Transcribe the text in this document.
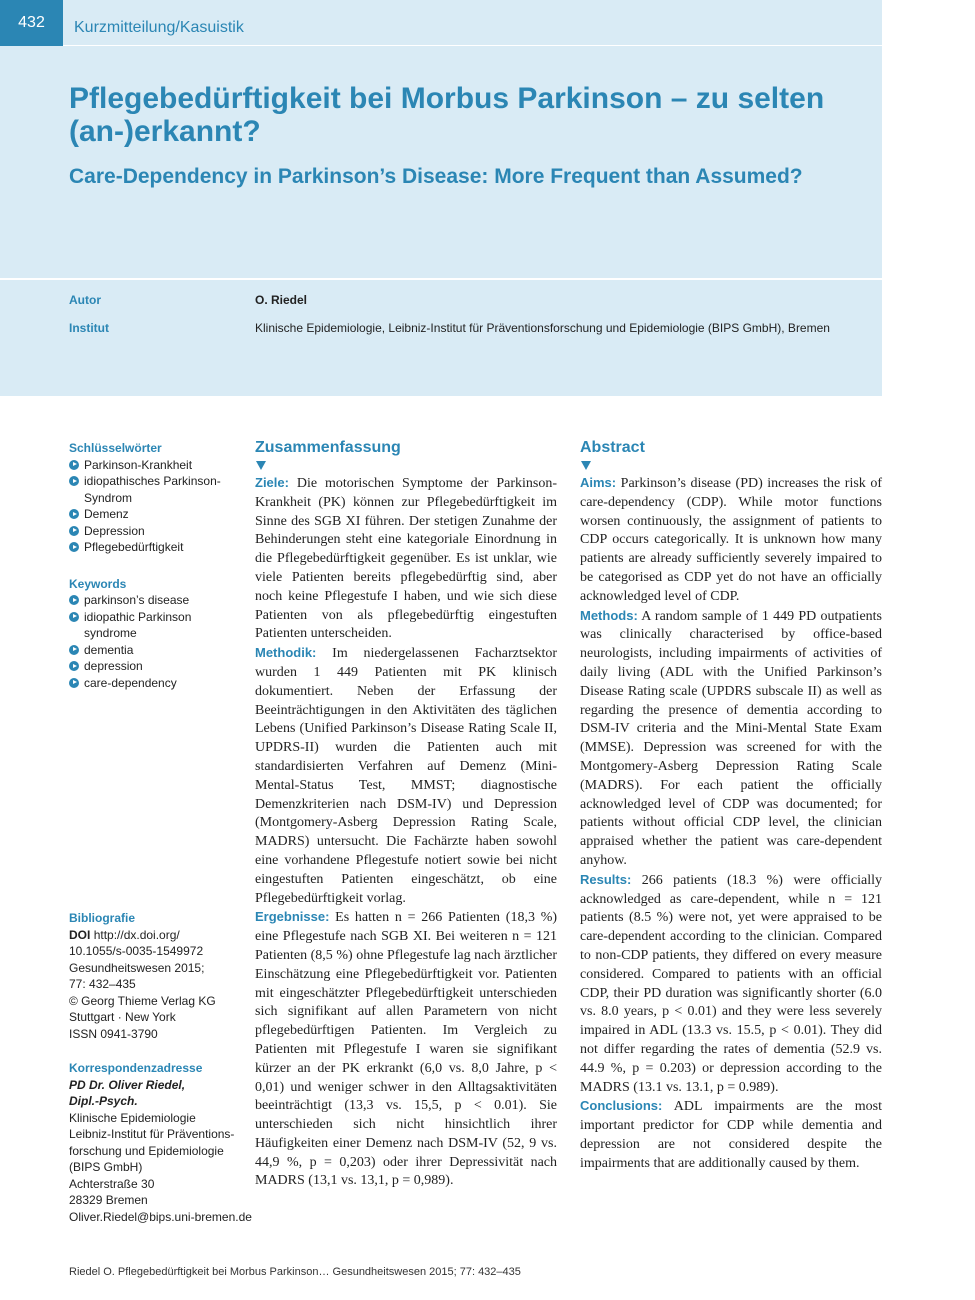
432	Kurzmitteilung/Kasuistik
Pflegebedürftigkeit bei Morbus Parkinson – zu selten (an-)erkannt?
Care-Dependency in Parkinson’s Disease: More Frequent than Assumed?
Autor	O. Riedel
Institut	Klinische Epidemiologie, Leibniz-Institut für Präventionsforschung und Epidemiologie (BIPS GmbH), Bremen
Schlüsselwörter
Parkinson-Krankheit
idiopathisches Parkinson-Syndrom
Demenz
Depression
Pflegebedürftigkeit
Keywords
parkinson’s disease
idiopathic Parkinson syndrome
dementia
depression
care-dependency
Bibliografie
DOI http://dx.doi.org/
10.1055/s-0035-1549972
Gesundheitswesen 2015;
77: 432–435
© Georg Thieme Verlag KG
Stuttgart · New York
ISSN 0941-3790
Korrespondenzadresse
PD Dr. Oliver Riedel,
Dipl.-Psych.
Klinische Epidemiologie
Leibniz-Institut für Präventions-
forschung und Epidemiologie
(BIPS GmbH)
Achterstraße 30
28329 Bremen
Oliver.Riedel@bips.uni-bremen.de
Zusammenfassung

Ziele: Die motorischen Symptome der Parkinson-Krankheit (PK) können zur Pflegebedürftigkeit im Sinne des SGB XI führen. Der stetigen Zunahme der Behinderungen steht eine kategoriale Einordnung in die Pflegebedürftigkeit gegenüber. Es ist unklar, wie viele Patienten bereits pflegebedürftig sind, aber noch keine Pflegestufe I haben, und wie sich diese Patienten von als pflegebedürftig eingestuften Patienten unterscheiden.

Methodik: Im niedergelassenen Facharztsektor wurden 1 449 Patienten mit PK klinisch dokumentiert. Neben der Erfassung der Beeinträchtigungen in den Aktivitäten des täglichen Lebens (Unified Parkinson’s Disease Rating Scale II, UPDRS-II) wurden die Patienten auch mit standardisierten Verfahren auf Demenz (Mini-Mental-Status Test, MMST; diagnostische Demenzkriterien nach DSM-IV) und Depression (Montgomery-Asberg Depression Rating Scale, MADRS) untersucht. Die Fachärzte haben sowohl eine vorhandene Pflegestufe notiert sowie bei nicht eingestuften Patienten eingeschätzt, ob eine Pflegebedürftigkeit vorlag.

Ergebnisse: Es hatten n = 266 Patienten (18,3 %) eine Pflegestufe nach SGB XI. Bei weiteren n = 121 Patienten (8,5 %) ohne Pflegestufe lag nach ärztlicher Einschätzung eine Pflegebedürftigkeit vor. Patienten mit eingeschätzter Pflegebedürftigkeit unterschieden sich signifikant auf allen Parametern von nicht pflegebedürftigen Patienten. Im Vergleich zu Patienten mit Pflegestufe I waren sie signifikant kürzer an der PK erkrankt (6,0 vs. 8,0 Jahre, p < 0,01) und weniger schwer in den Alltagsaktivitäten beeinträchtigt (13,3 vs. 15,5, p < 0.01). Sie unterschieden sich nicht hinsichtlich ihrer Häufigkeiten einer Demenz nach DSM-IV (52, 9 vs. 44,9 %, p = 0,203) oder ihrer Depressivität nach MADRS (13,1 vs. 13,1, p = 0,989).

Abstract

Aims: Parkinson’s disease (PD) increases the risk of care-dependency (CDP). While motor functions worsen continuously, the assignment of patients to CDP occurs categorically. It is unknown how many patients are already sufficiently severely impaired to be categorised as CDP yet do not have an officially acknowledged level of CDP.

Methods: A random sample of 1 449 PD outpatients was clinically characterised by office-based neurologists, including impairments of activities of daily living (ADL with the Unified Parkinson’s Disease Rating scale (UPDRS subscale II) as well as regarding the presence of dementia according to DSM-IV criteria and the Mini-Mental State Exam (MMSE). Depression was screened for with the Montgomery-Asberg Depression Rating Scale (MADRS). For each patient the officially acknowledged level of CDP was documented; for patients without official CDP level, the clinician appraised whether the patient was care-dependent anyhow.

Results: 266 patients (18.3 %) were officially acknowledged as care-dependent, while n = 121 patients (8.5 %) were not, yet were appraised to be care-dependent according to the clinician. Compared to non-CDP patients, they differed on every measure considered. Compared to patients with an official CDP, their PD duration was significantly shorter (6.0 vs. 8.0 years, p < 0.01) and they were less severely impaired in ADL (13.3 vs. 15.5, p < 0.01). They did not differ regarding the rates of dementia (52.9 vs. 44.9 %, p = 0.203) or depression according to the MADRS (13.1 vs. 13.1, p = 0.989).

Conclusions: ADL impairments are the most important predictor for CDP while dementia and depression are not considered despite the impairments that are additionally caused by them.

Riedel O. Pflegebedürftigkeit bei Morbus Parkinson… Gesundheitswesen 2015; 77: 432–435
